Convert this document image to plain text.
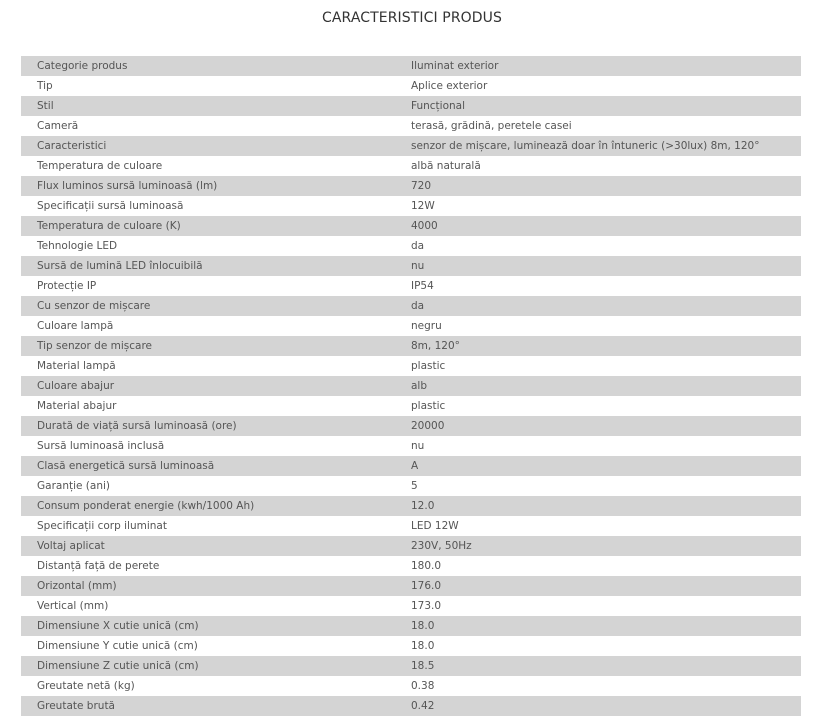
CARACTERISTICI PRODUS
Categorie produs	Iluminat exterior
Tip	Aplice exterior
Stil	Funcțional
Cameră	terasă, grădină, peretele casei
Caracteristici	senzor de mișcare, luminează doar în întuneric (>30lux) 8m, 120°
Temperatura de culoare	albă naturală
Flux luminos sursă luminoasă (lm)	720
Specificații sursă luminoasă	12W
Temperatura de culoare (K)	4000
Tehnologie LED	da
Sursă de lumină LED înlocuibilă	nu
Protecție IP	IP54
Cu senzor de mișcare	da
Culoare lampă	negru
Tip senzor de mișcare	8m, 120°
Material lampă	plastic
Culoare abajur	alb
Material abajur	plastic
Durată de viață sursă luminoasă (ore)	20000
Sursă luminoasă inclusă	nu
Clasă energetică sursă luminoasă	A
Garanție (ani)	5
Consum ponderat energie (kwh/1000 Ah)	12.0
Specificații corp iluminat	LED 12W
Voltaj aplicat	230V, 50Hz
Distanță față de perete	180.0
Orizontal (mm)	176.0
Vertical (mm)	173.0
Dimensiune X cutie unică (cm)	18.0
Dimensiune Y cutie unică (cm)	18.0
Dimensiune Z cutie unică (cm)	18.5
Greutate netă (kg)	0.38
Greutate brută	0.42
